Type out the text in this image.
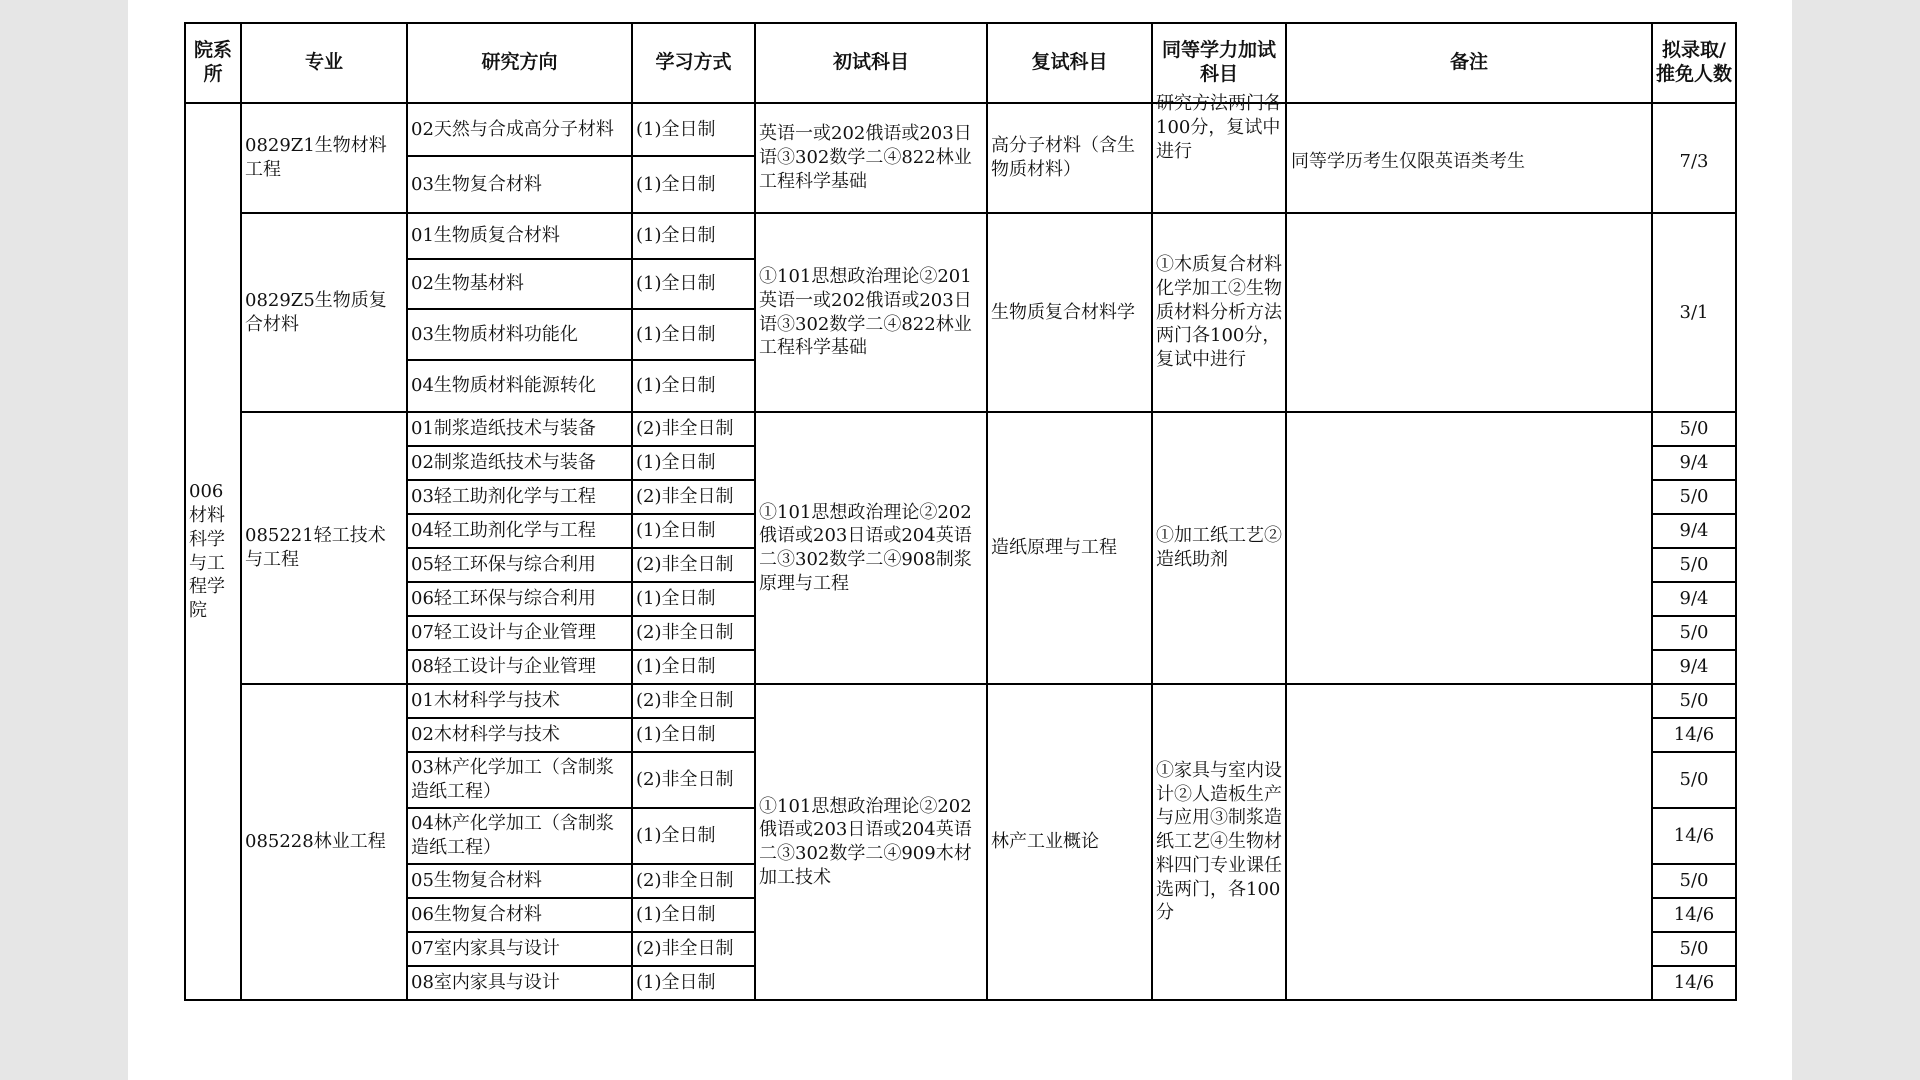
院系所	专业	研究方向	学习方式	初试科目	复试科目	同等学力加试科目	备注	拟录取/推免人数
006材料科学与工程学院	0829Z1生物材料工程	02天然与合成高分子材料	(1)全日制	英语一或202俄语或203日语③302数学二④822林业工程科学基础	高分子材料（含生物质材料）	研究方法两门各100分，复试中进行	同等学历考生仅限英语类考生	7/3
		03生物复合材料	(1)全日制					
	0829Z5生物质复合材料	01生物质复合材料	(1)全日制	①101思想政治理论②201英语一或202俄语或203日语③302数学二④822林业工程科学基础	生物质复合材料学	①木质复合材料化学加工②生物质材料分析方法两门各100分，复试中进行		3/1
		02生物基材料	(1)全日制					
		03生物质材料功能化	(1)全日制					
		04生物质材料能源转化	(1)全日制					
	085221轻工技术与工程	01制浆造纸技术与装备	(2)非全日制	①101思想政治理论②202俄语或203日语或204英语二③302数学二④908制浆原理与工程	造纸原理与工程	①加工纸工艺②造纸助剂		5/0
		02制浆造纸技术与装备	(1)全日制					9/4
		03轻工助剂化学与工程	(2)非全日制					5/0
		04轻工助剂化学与工程	(1)全日制					9/4
		05轻工环保与综合利用	(2)非全日制					5/0
		06轻工环保与综合利用	(1)全日制					9/4
		07轻工设计与企业管理	(2)非全日制					5/0
		08轻工设计与企业管理	(1)全日制					9/4
	085228林业工程	01木材科学与技术	(2)非全日制	①101思想政治理论②202俄语或203日语或204英语二③302数学二④909木材加工技术	林产工业概论	①家具与室内设计②人造板生产与应用③制浆造纸工艺④生物材料四门专业课任选两门，各100分		5/0
		02木材科学与技术	(1)全日制					14/6
		03林产化学加工（含制浆造纸工程）	(2)非全日制					5/0
		04林产化学加工（含制浆造纸工程）	(1)全日制					14/6
		05生物复合材料	(2)非全日制					5/0
		06生物复合材料	(1)全日制					14/6
		07室内家具与设计	(2)非全日制					5/0
		08室内家具与设计	(1)全日制					14/6
